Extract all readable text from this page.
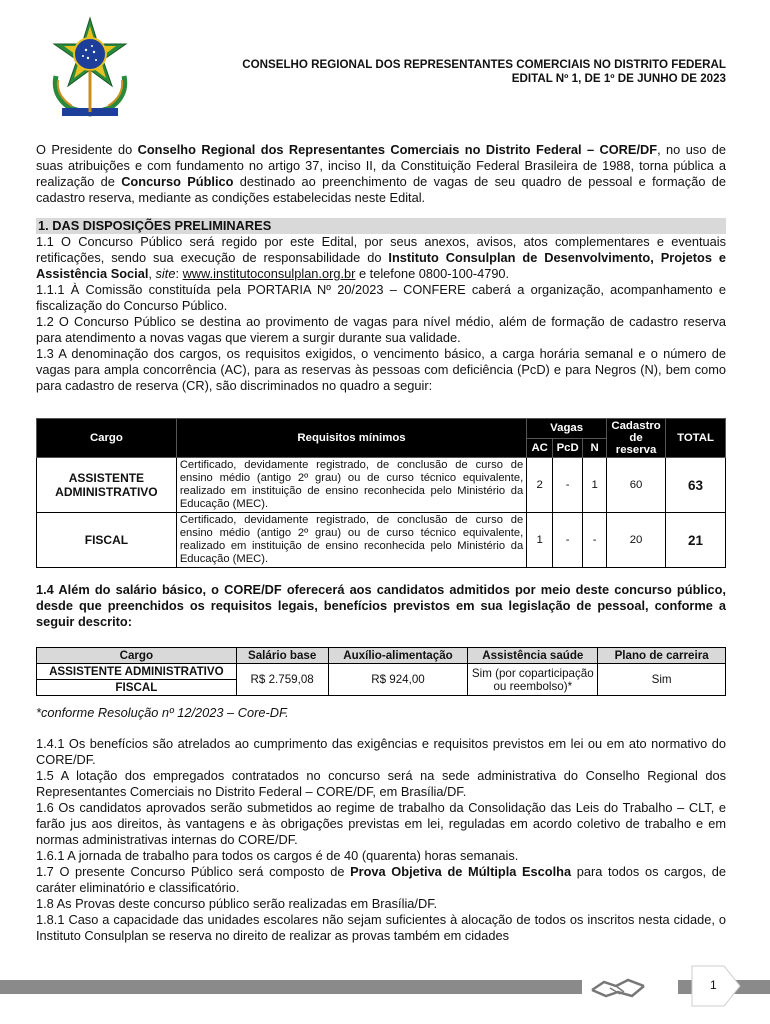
CONSELHO REGIONAL DOS REPRESENTANTES COMERCIAIS NO DISTRITO FEDERAL
EDITAL Nº 1, DE 1º DE JUNHO DE 2023
O Presidente do Conselho Regional dos Representantes Comerciais no Distrito Federal – CORE/DF, no uso de suas atribuições e com fundamento no artigo 37, inciso II, da Constituição Federal Brasileira de 1988, torna pública a realização de Concurso Público destinado ao preenchimento de vagas de seu quadro de pessoal e formação de cadastro reserva, mediante as condições estabelecidas neste Edital.
1. DAS DISPOSIÇÕES PRELIMINARES

1.1 O Concurso Público será regido por este Edital, por seus anexos, avisos, atos complementares e eventuais retificações, sendo sua execução de responsabilidade do Instituto Consulplan de Desenvolvimento, Projetos e Assistência Social, site: www.institutoconsulplan.org.br e telefone 0800-100-4790.

1.1.1 À Comissão constituída pela PORTARIA Nº 20/2023 – CONFERE caberá a organização, acompanhamento e fiscalização do Concurso Público.

1.2 O Concurso Público se destina ao provimento de vagas para nível médio, além de formação de cadastro reserva para atendimento a novas vagas que vierem a surgir durante sua validade.

1.3 A denominação dos cargos, os requisitos exigidos, o vencimento básico, a carga horária semanal e o número de vagas para ampla concorrência (AC), para as reservas às pessoas com deficiência (PcD) e para Negros (N), bem como para cadastro de reserva (CR), são discriminados no quadro a seguir:

Cargo	Requisitos mínimos	Vagas			Cadastro de reserva	TOTAL
		AC	PcD	N		
ASSISTENTE ADMINISTRATIVO	Certificado, devidamente registrado, de conclusão de curso de ensino médio (antigo 2º grau) ou de curso técnico equivalente, realizado em instituição de ensino reconhecida pelo Ministério da Educação (MEC).	2	-	1	60	63
FISCAL	Certificado, devidamente registrado, de conclusão de curso de ensino médio (antigo 2º grau) ou de curso técnico equivalente, realizado em instituição de ensino reconhecida pelo Ministério da Educação (MEC).	1	-	-	20	21
1.4 Além do salário básico, o CORE/DF oferecerá aos candidatos admitidos por meio deste concurso público, desde que preenchidos os requisitos legais, benefícios previstos em sua legislação de pessoal, conforme a seguir descrito:
Cargo	Salário base	Auxílio-alimentação	Assistência saúde	Plano de carreira
ASSISTENTE ADMINISTRATIVO	R$ 2.759,08	R$ 924,00	Sim (por coparticipação ou reembolso)*	Sim
FISCAL				
*conforme Resolução nº 12/2023 – Core-DF.

1.4.1 Os benefícios são atrelados ao cumprimento das exigências e requisitos previstos em lei ou em ato normativo do CORE/DF.

1.5 A lotação dos empregados contratados no concurso será na sede administrativa do Conselho Regional dos Representantes Comerciais no Distrito Federal – CORE/DF, em Brasília/DF.

1.6 Os candidatos aprovados serão submetidos ao regime de trabalho da Consolidação das Leis do Trabalho – CLT, e farão jus aos direitos, às vantagens e às obrigações previstas em lei, reguladas em acordo coletivo de trabalho e em normas administrativas internas do CORE/DF.

1.6.1 A jornada de trabalho para todos os cargos é de 40 (quarenta) horas semanais.

1.7 O presente Concurso Público será composto de Prova Objetiva de Múltipla Escolha para todos os cargos, de caráter eliminatório e classificatório.

1.8 As Provas deste concurso público serão realizadas em Brasília/DF.

1.8.1 Caso a capacidade das unidades escolares não sejam suficientes à alocação de todos os inscritos nesta cidade, o Instituto Consulplan se reserva no direito de realizar as provas também em cidades

1
